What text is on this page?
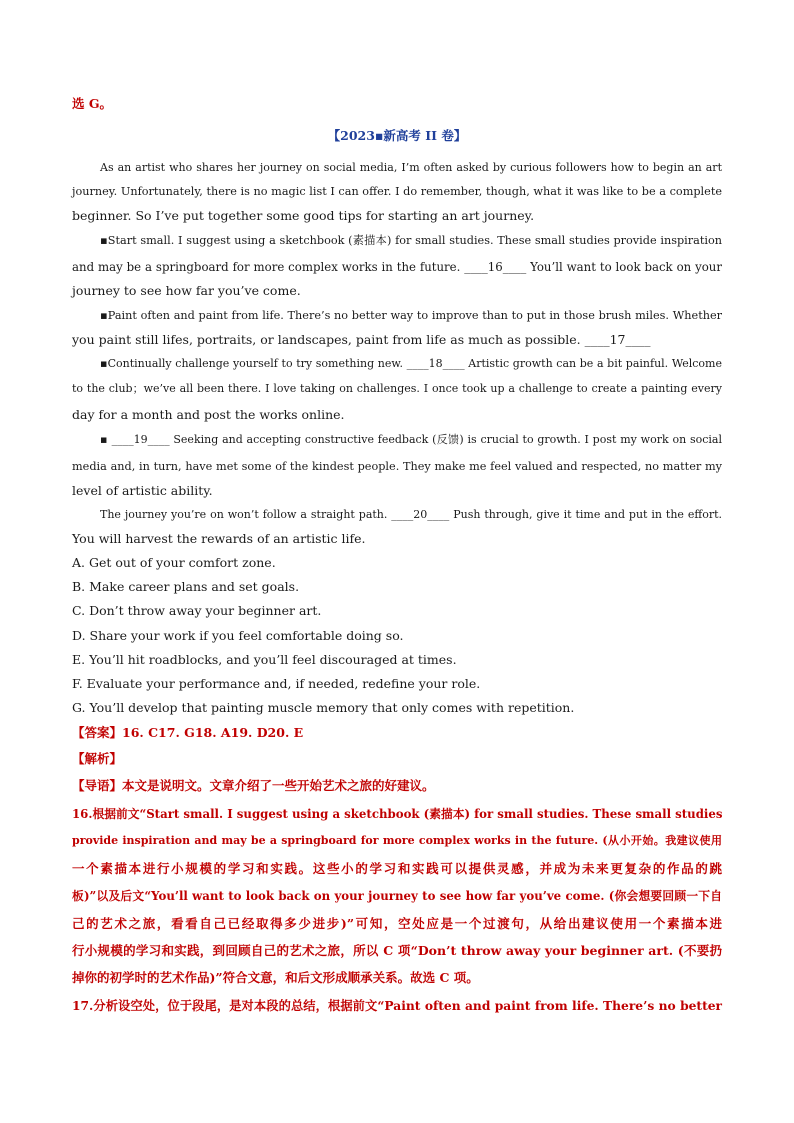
选 G。
【2023▪新高考 II 卷】
As an artist who shares her journey on social media, I’m often asked by curious followers how to begin an art
journey. Unfortunately, there is no magic list I can offer. I do remember, though, what it was like to be a complete
beginner. So I’ve put together some good tips for starting an art journey.
▪Start small. I suggest using a sketchbook (素描本) for small studies. These small studies provide inspiration
and may be a springboard for more complex works in the future. ____16____ You’ll want to look back on your
journey to see how far you’ve come.
▪Paint often and paint from life. There’s no better way to improve than to put in those brush miles. Whether
you paint still lifes, portraits, or landscapes, paint from life as much as possible. ____17____
▪Continually challenge yourself to try something new. ____18____ Artistic growth can be a bit painful. Welcome
to the club；we’ve all been there. I love taking on challenges. I once took up a challenge to create a painting every
day for a month and post the works online.
▪ ____19____ Seeking and accepting constructive feedback (反馈) is crucial to growth. I post my work on social
media and, in turn, have met some of the kindest people. They make me feel valued and respected, no matter my
level of artistic ability.
The journey you’re on won’t follow a straight path. ____20____ Push through, give it time and put in the effort.
You will harvest the rewards of an artistic life.
A. Get out of your comfort zone.
B. Make career plans and set goals.
C. Don’t throw away your beginner art.
D. Share your work if you feel comfortable doing so.
E. You’ll hit roadblocks, and you’ll feel discouraged at times.
F. Evaluate your performance and, if needed, redefine your role.
G. You’ll develop that painting muscle memory that only comes with repetition.
【答案】16. C17. G18. A19. D20. E
【解析】
【导语】本文是说明文。文章介绍了一些开始艺术之旅的好建议。
16.根据前文“Start small. I suggest using a sketchbook (素描本) for small studies. These small studies
provide inspiration and may be a springboard for more complex works in the future. (从小开始。我建议使用
一个素描本进行小规模的学习和实践。这些小的学习和实践可以提供灵感，并成为未来更复杂的作品的跳
板)”以及后文“You’ll want to look back on your journey to see how far you’ve come. (你会想要回顾一下自
己的艺术之旅，看看自己已经取得多少进步)”可知，空处应是一个过渡句，从给出建议使用一个素描本进
行小规模的学习和实践，到回顾自己的艺术之旅，所以 C 项“Don’t throw away your beginner art. (不要扔
掉你的初学时的艺术作品)”符合文意，和后文形成顺承关系。故选 C 项。
17.分析设空处，位于段尾，是对本段的总结，根据前文“Paint often and paint from life. There’s no better
